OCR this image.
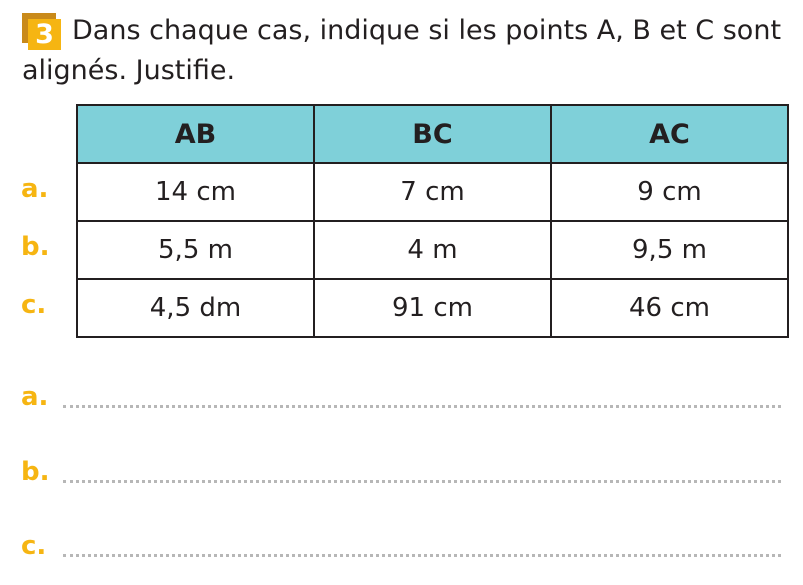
3 Dans chaque cas, indique si les points A, B et C sont alignés. Justifie.

AB	BC	AC
14 cm	7 cm	9 cm
5,5 m	4 m	9,5 m
4,5 dm	91 cm	46 cm
a.
b.
c.
a.
b.
c.
